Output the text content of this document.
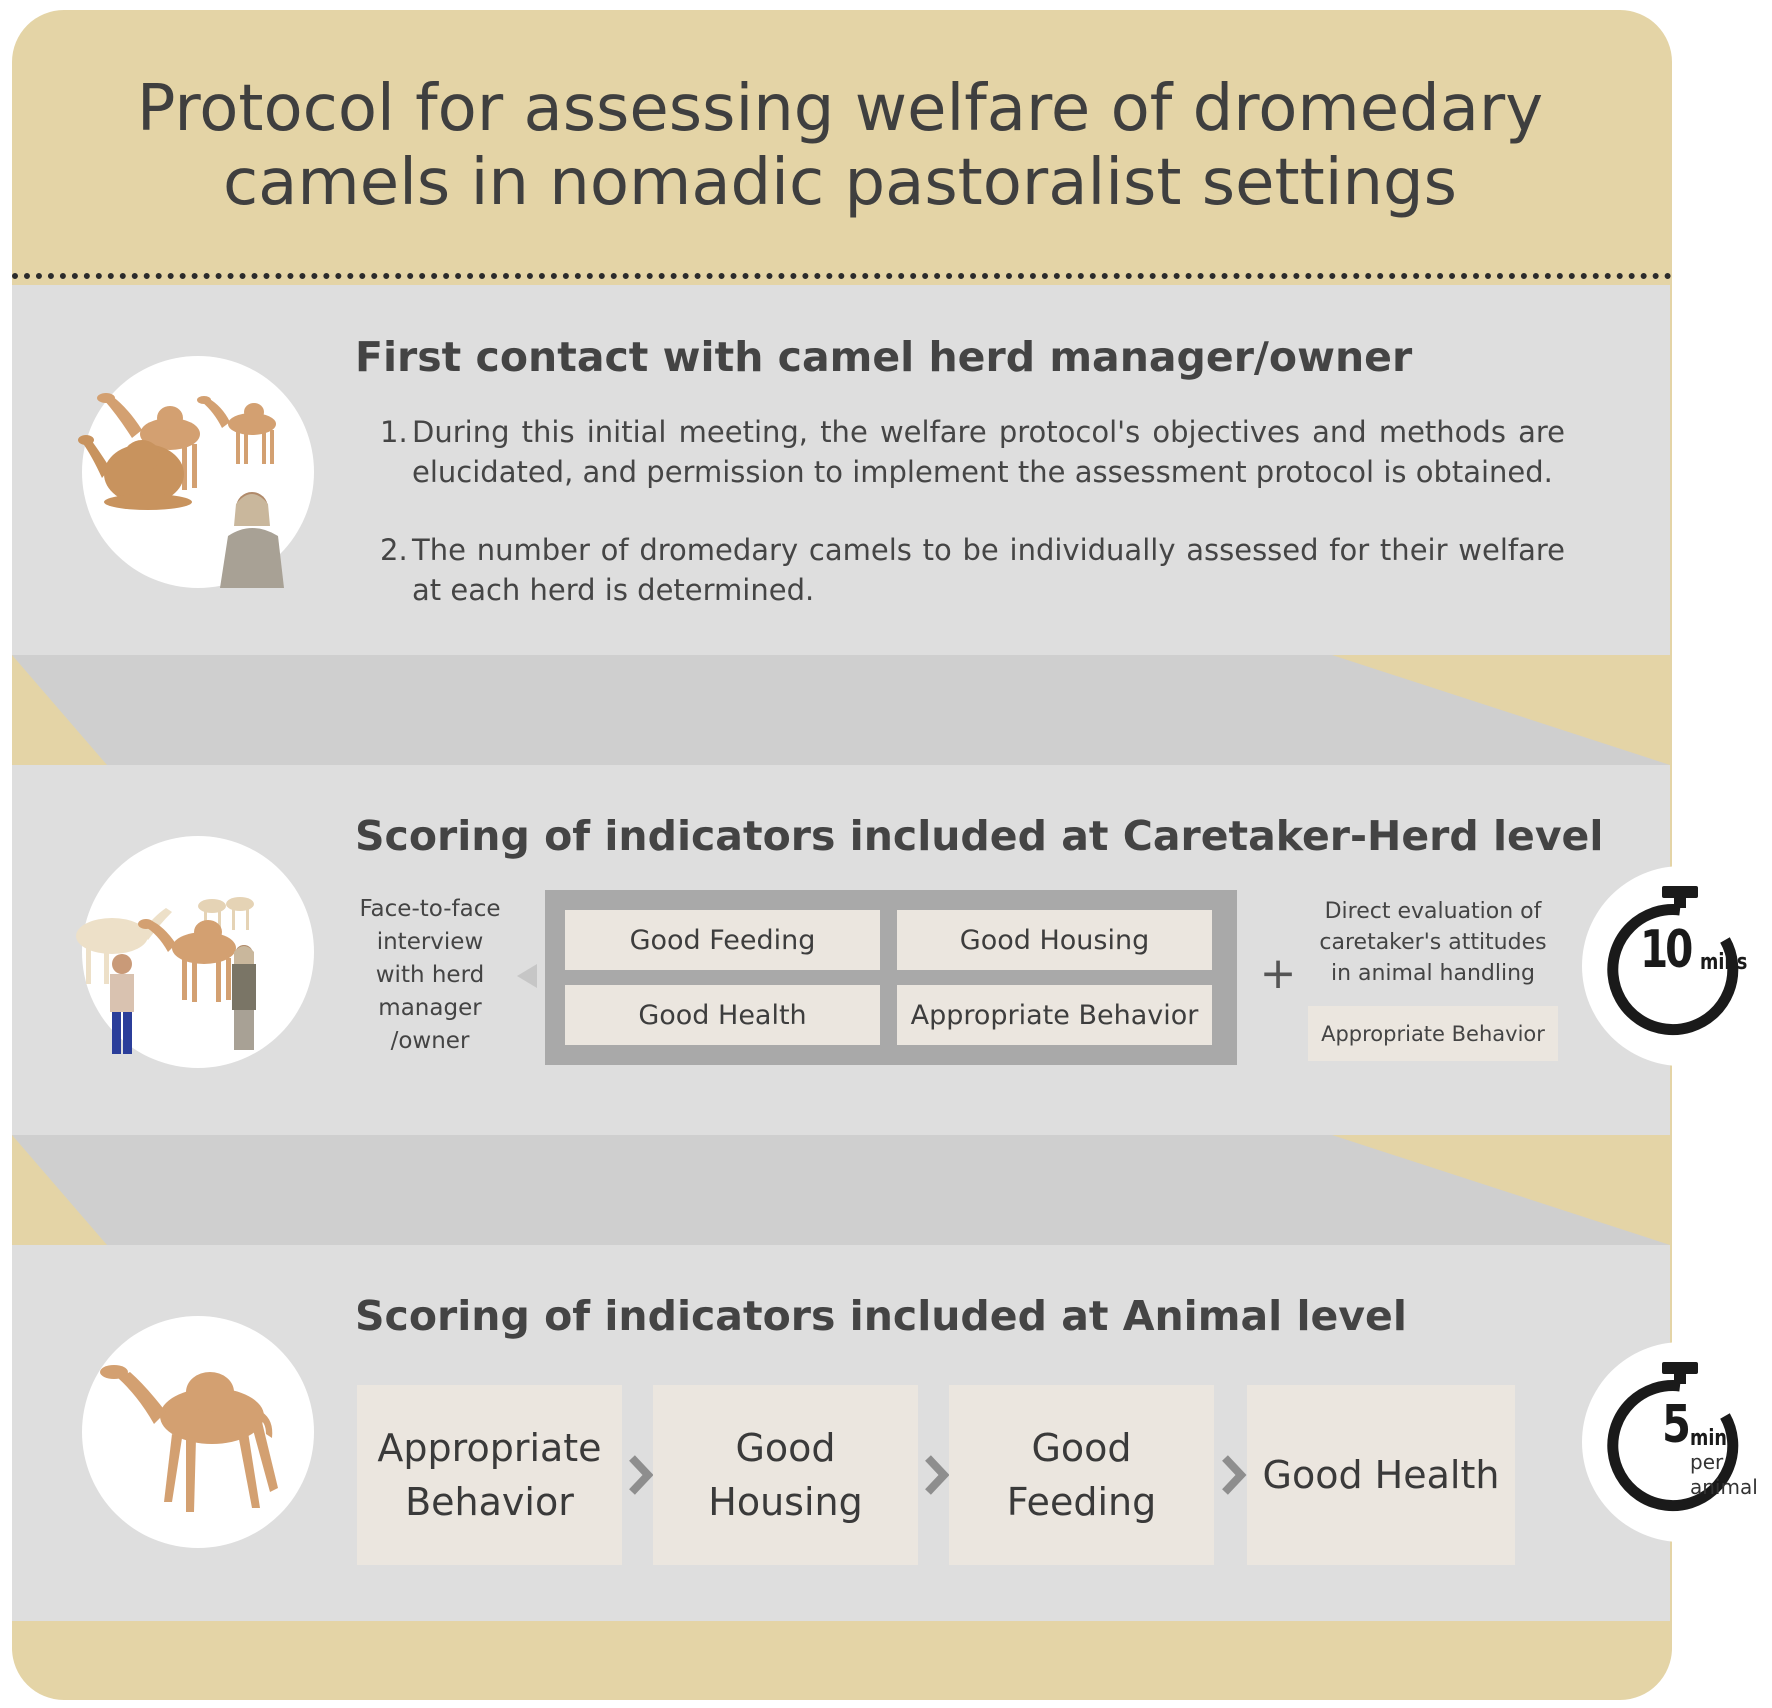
Protocol for assessing welfare of dromedary
camels in nomadic pastoralist settings
First contact with camel herd manager/owner
1. During this initial meeting, the welfare protocol's objectives and methods are elucidated, and permission to implement the assessment protocol is obtained.
2. The number of dromedary camels to be individually assessed for their welfare at each herd is determined.
Scoring of indicators included at Caretaker-Herd level
Face-to-face
interview
with herd
manager
/owner
Good Feeding	Good Housing
Good Health	Appropriate Behavior
+
Direct evaluation of
caretaker's attitudes
in animal handling
Appropriate Behavior
10 mins
Scoring of indicators included at Animal level
Appropriate
Behavior
Good
Housing
Good
Feeding
Good Health
5 mins
per
animal
